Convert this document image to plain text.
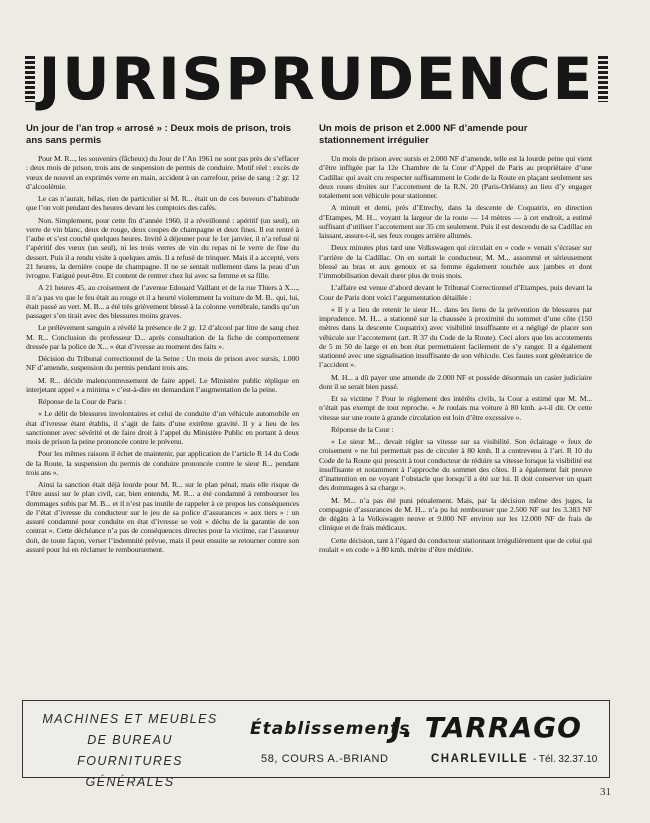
JURISPRUDENCE
Un jour de l’an trop « arrosé » : Deux mois de prison, trois ans sans permis

Pour M. R..., les souvenirs (fâcheux) du Jour de l’An 1961 ne sont pas près de s’effacer : deux mois de prison, trois ans de suspension de permis de conduire. Motif réel : excès de vœux de nouvel an exprimés verre en main, accident à un carrefour, prise de sang : 2 gr. 12 d’alcoolémie.

Le cas n’aurait, hélas, rien de particulier si M. R... était un de ces buveurs d’habitude que l’on voit pendant des heures devant les comptoirs des cafés.

Non. Simplement, pour cette fin d’année 1960, il a réveillonné : apéritif (un seul), un verre de vin blanc, deux de rouge, deux coupes de champagne et deux fines. Il est rentré à l’aube et s’est couché quelques heures. Invité à déjeuner pour le 1er janvier, il n’a refusé ni l’apéritif des vœux (un seul), ni les trois verres de vin du repas ni le verre de fine du dessert. Puis il a rendu visite à quelques amis. Il a refusé de trinquer. Mais il a accepté, vers 21 heures, la dernière coupe de champagne. Il ne se sentait nullement dans la peau d’un ivrogne. Fatigué peut-être. Et content de rentrer chez lui avec sa femme et sa fille.

A 21 heures 45, au croisement de l’avenue Edouard Vaillant et de la rue Thiers à X...., il n’a pas vu que le feu était au rouge et il a heurté violemment la voiture de M. B.. qui, lui, était passé au vert. M. B... a été très grièvement blessé à la colonne vertébrale, tandis qu’un passager s’en tirait avec des blessures moins graves.

Le prélèvement sanguin a révélé la présence de 2 gr. 12 d’alcool par litre de sang chez M. R... Conclusion du professeur D... après consultation de la fiche de comportement dressée par la police de X... « état d’ivresse au moment des faits ».

Décision du Tribunal correctionnel de la Seine : Un mois de prison avec sursis, 1.000 NF d’amende, suspension du permis pendant trois ans.

M. R... décide malencontreusement de faire appel. Le Ministère public réplique en interjetant appel « a minima » c’est-à-dire en demandant l’augmentation de la peine.

Réponse de la Cour de Paris :

« Le délit de blessures involontaires et celui de conduite d’un véhicule automobile en état d’ivresse étant établis, il s’agit de faits d’une extrême gravité. Il y a lieu de les sanctionner avec sévérité et de faire droit à l’appel du Ministère Public en portant à deux mois de prison la peine prononcée contre le prévenu.

Pour les mêmes raisons il échet de maintenir, par application de l’article R 14 du Code de la Route, la suspension du permis de conduire prononcée contre le sieur R... pendant trois ans ».

Ainsi la sanction était déjà lourde pour M. R... sur le plan pénal, mais elle risque de l’être aussi sur le plan civil, car, bien entendu, M. R... a été condamné à rembourser les dommages subis par M. B... et il n’est pas inutile de rappeler à ce propos les conséquences de l’état d’ivresse du conducteur sur le jeu de sa police d’assurances « aux tiers » : un assuré condamné pour conduite en état d’ivresse se voit « déchu de la garantie de son contrat ». Cette déchéance n’a pas de conséquences directes pour la victime, car l’assureur doit, de toute façon, verser l’indemnité prévue, mais il peut ensuite se retourner contre son assuré pour lui en réclamer le remboursement.

Un mois de prison et 2.000 NF d’amende pour stationnement irrégulier

Un mois de prison avec sursis et 2.000 NF d’amende, telle est la lourde peine qui vient d’être infligée par la 12e Chambre de la Cour d’Appel de Paris au propriétaire d’une Cadillac qui avait cru respecter suffisamment le Code de la Route en plaçant seulement ses deux roues droites sur l’accotement de la R.N. 20 (Paris-Orléans) au lieu d’y engager totalement son véhicule pour stationner.

A minuit et demi, près d’Etrechy, dans la descente de Coquatrix, en direction d’Etampes, M. H... voyant la largeur de la route — 14 mètres — à cet endroit, a estimé suffisant d’utiliser l’accotement sur 35 cm seulement. Puis il est descendu de sa Cadillac en laissant, assure-t-il, ses feux rouges arrière allumés.

Deux minutes plus tard une Volkswagen qui circulait en « code » venait s’écraser sur l’arrière de la Cadillac. On en sortait le conducteur, M. M... assommé et sérieusement blessé au bras et aux genoux et sa femme également touchée aux jambes et dont l’immobilisation devait durer plus de trois mois.

L’affaire est venue d’abord devant le Tribunal Correctionnel d’Etampes, puis devant la Cour de Paris dont voici l’argumentation détaillée :

« Il y a lieu de retenir le sieur H... dans les liens de la prévention de blessures par imprudence. M. H... a stationné sur la chaussée à proximité du sommet d’une côte (150 mètres dans la descente Coquatrix) avec visibilité insuffisante et a négligé de placer son véhicule sur l’accotement (art. R 37 du Code de la Route). Ceci alors que les accotements de 5 m 50 de large et en bon état permettaient facilement de s’y ranger. Il a également stationné avec une signalisation insuffisante de son véhicule. Ces fautes sont génératrice de l’accident ».

M. H... a dû payer une amende de 2.000 NF et possède désormais un casier judiciaire dont il se serait bien passé.

Et sa victime ? Pour le règlement des intérêts civils, la Cour a estimé que M. M... n’était pas exempt de tout reproche. « Je roulais ma voiture à 80 kmh. a-t-il dit. Or cette vitesse sur une route à grande circulation est loin d’être excessive ».

Réponse de la Cour :

« Le sieur M... devait régler sa vitesse sur sa visibilité. Son éclairage « feux de croisement » ne lui permettait pas de circuler à 80 kmh. Il a contrevenu à l’art. R 10 du Code de la Route qui prescrit à tout conducteur de réduire sa vitesse lorsque la visibilité est insuffisante et notamment à l’approche du sommet des côtes. Il a également fait preuve d’inattention en ne voyant l’obstacle que lorsqu’il a été sur lui. Il doit conserver un quart des dommages à sa charge ».

M. M... n’a pas été puni pénalement. Mais, par la décision même des juges, la compagnie d’assurances de M. H... n’a pu lui rembourser que 2.500 NF sur les 3.383 NF de dégâts à la Volkswagen neuve et 9.000 NF environ sur les 12.000 NF de frais de clinique et de frais médicaux.

Cette décision, tant à l’égard du conducteur stationnant irrégulièrement que de celui qui roulait « en code » à 80 kmh. mérite d’être méditée.

MACHINES ET MEUBLES
DE BUREAU
FOURNITURES GÉNÉRALES
Établissements
J. TARRAGO
58, COURS A.-BRIAND	CHARLEVILLE - Tél. 32.37.10
31
